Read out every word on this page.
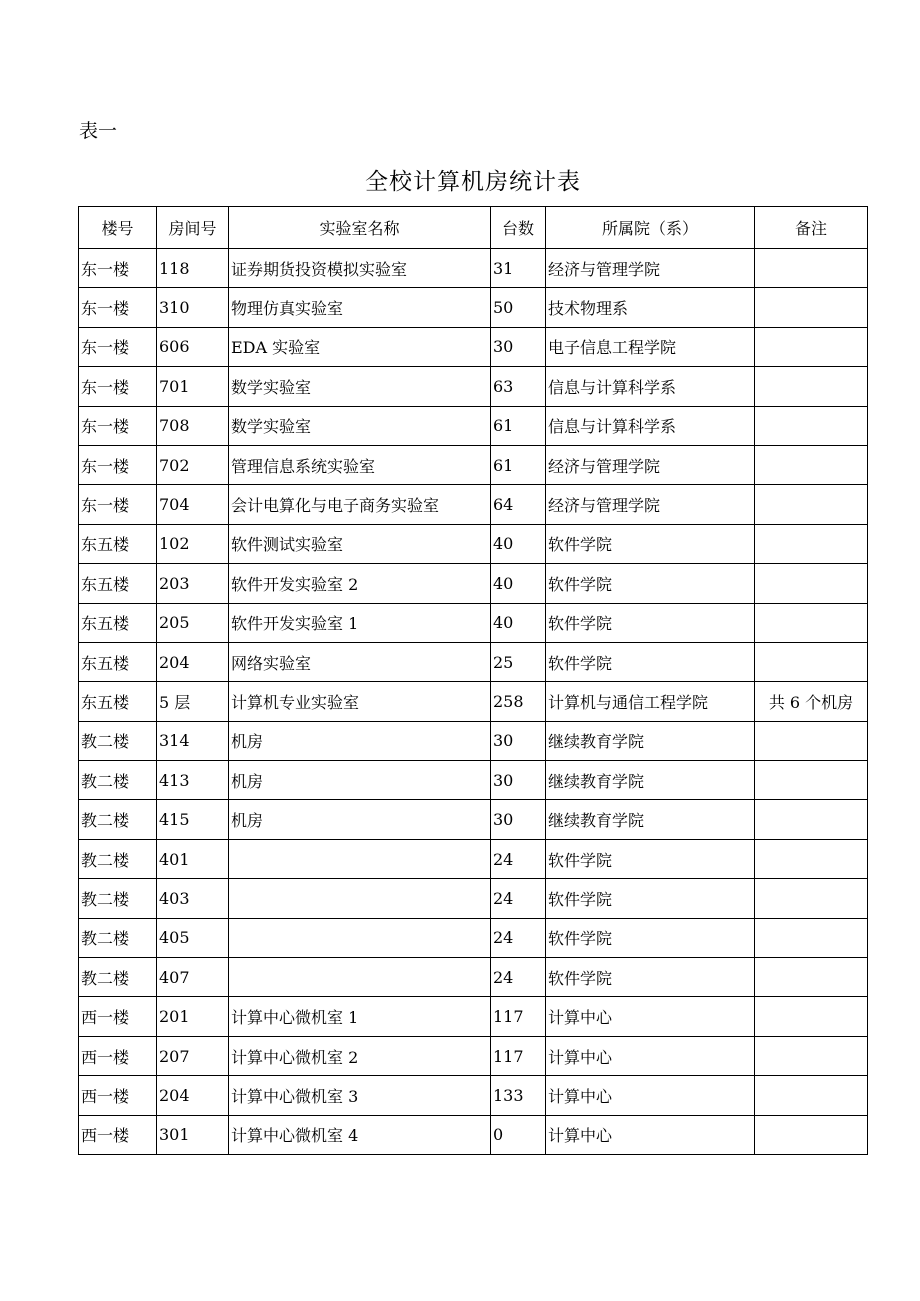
表一
全校计算机房统计表
楼号	房间号	实验室名称	台数	所属院（系）	备注
东一楼	118	证券期货投资模拟实验室	31	经济与管理学院	
东一楼	310	物理仿真实验室	50	技术物理系	
东一楼	606	EDA 实验室	30	电子信息工程学院	
东一楼	701	数学实验室	63	信息与计算科学系	
东一楼	708	数学实验室	61	信息与计算科学系	
东一楼	702	管理信息系统实验室	61	经济与管理学院	
东一楼	704	会计电算化与电子商务实验室	64	经济与管理学院	
东五楼	102	软件测试实验室	40	软件学院	
东五楼	203	软件开发实验室 2	40	软件学院	
东五楼	205	软件开发实验室 1	40	软件学院	
东五楼	204	网络实验室	25	软件学院	
东五楼	5 层	计算机专业实验室	258	计算机与通信工程学院	共 6 个机房
教二楼	314	机房	30	继续教育学院	
教二楼	413	机房	30	继续教育学院	
教二楼	415	机房	30	继续教育学院	
教二楼	401		24	软件学院	
教二楼	403		24	软件学院	
教二楼	405		24	软件学院	
教二楼	407		24	软件学院	
西一楼	201	计算中心微机室 1	117	计算中心	
西一楼	207	计算中心微机室 2	117	计算中心	
西一楼	204	计算中心微机室 3	133	计算中心	
西一楼	301	计算中心微机室 4	0	计算中心	
